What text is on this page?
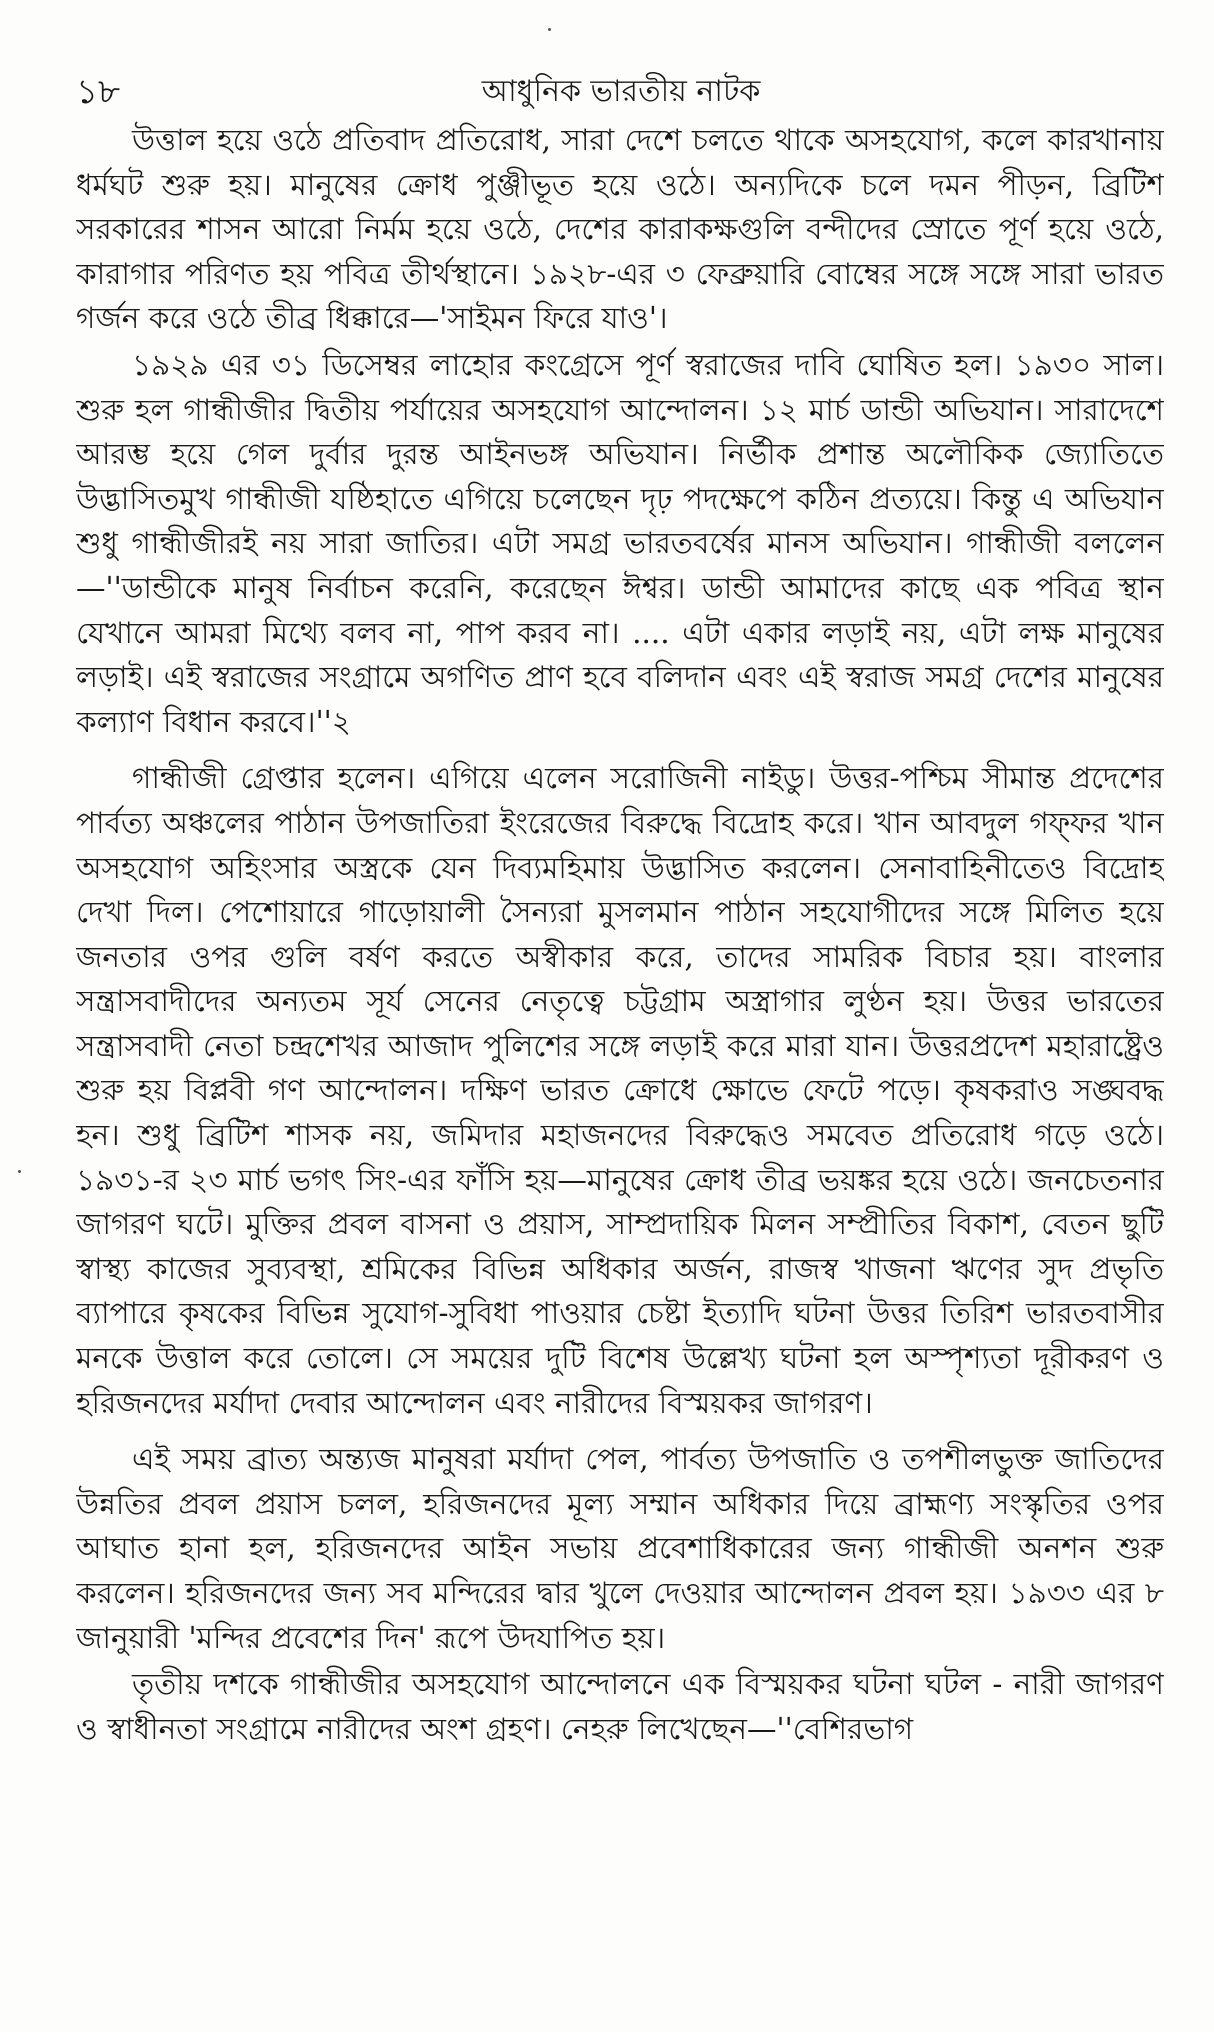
১৮	আধুনিক ভারতীয় নাটক

উত্তাল হয়ে ওঠে প্রতিবাদ প্রতিরোধ, সারা দেশে চলতে থাকে অসহযোগ, কলে কারখানায় ধর্মঘট শুরু হয়। মানুষের ক্রোধ পুঞ্জীভূত হয়ে ওঠে। অন্যদিকে চলে দমন পীড়ন, ব্রিটিশ সরকারের শাসন আরো নির্মম হয়ে ওঠে, দেশের কারাকক্ষগুলি বন্দীদের স্রোতে পূর্ণ হয়ে ওঠে, কারাগার পরিণত হয় পবিত্র তীর্থস্থানে। ১৯২৮-এর ৩ ফেব্রুয়ারি বোম্বের সঙ্গে সঙ্গে সারা ভারত গর্জন করে ওঠে তীব্র ধিক্কারে—'সাইমন ফিরে যাও'।

১৯২৯ এর ৩১ ডিসেম্বর লাহোর কংগ্রেসে পূর্ণ স্বরাজের দাবি ঘোষিত হল। ১৯৩০ সাল। শুরু হল গান্ধীজীর দ্বিতীয় পর্যায়ের অসহযোগ আন্দোলন। ১২ মার্চ ডান্ডী অভিযান। সারাদেশে আরম্ভ হয়ে গেল দুর্বার দুরন্ত আইনভঙ্গ অভিযান। নির্ভীক প্রশান্ত অলৌকিক জ্যোতিতে উদ্ভাসিতমুখ গান্ধীজী যষ্ঠিহাতে এগিয়ে চলেছেন দৃঢ় পদক্ষেপে কঠিন প্রত্যয়ে। কিন্তু এ অভিযান শুধু গান্ধীজীরই নয় সারা জাতির। এটা সমগ্র ভারতবর্ষের মানস অভিযান। গান্ধীজী বললেন—''ডান্ডীকে মানুষ নির্বাচন করেনি, করেছেন ঈশ্বর। ডান্ডী আমাদের কাছে এক পবিত্র স্থান যেখানে আমরা মিথ্যে বলব না, পাপ করব না। .... এটা একার লড়াই নয়, এটা লক্ষ মানুষের লড়াই। এই স্বরাজের সংগ্রামে অগণিত প্রাণ হবে বলিদান এবং এই স্বরাজ সমগ্র দেশের মানুষের কল্যাণ বিধান করবে।''২

গান্ধীজী গ্রেপ্তার হলেন। এগিয়ে এলেন সরোজিনী নাইডু। উত্তর-পশ্চিম সীমান্ত প্রদেশের পার্বত্য অঞ্চলের পাঠান উপজাতিরা ইংরেজের বিরুদ্ধে বিদ্রোহ করে। খান আবদুল গফ্ফর খান অসহযোগ অহিংসার অস্ত্রকে যেন দিব্যমহিমায় উদ্ভাসিত করলেন। সেনাবাহিনীতেও বিদ্রোহ দেখা দিল। পেশোয়ারে গাড়োয়ালী সৈন্যরা মুসলমান পাঠান সহযোগীদের সঙ্গে মিলিত হয়ে জনতার ওপর গুলি বর্ষণ করতে অস্বীকার করে, তাদের সামরিক বিচার হয়। বাংলার সন্ত্রাসবাদীদের অন্যতম সূর্য সেনের নেতৃত্বে চট্টগ্রাম অস্ত্রাগার লুণ্ঠন হয়। উত্তর ভারতের সন্ত্রাসবাদী নেতা চন্দ্রশেখর আজাদ পুলিশের সঙ্গে লড়াই করে মারা যান। উত্তরপ্রদেশ মহারাষ্ট্রেও শুরু হয় বিপ্লবী গণ আন্দোলন। দক্ষিণ ভারত ক্রোধে ক্ষোভে ফেটে পড়ে। কৃষকরাও সঙ্ঘবদ্ধ হন। শুধু ব্রিটিশ শাসক নয়, জমিদার মহাজনদের বিরুদ্ধেও সমবেত প্রতিরোধ গড়ে ওঠে। ১৯৩১-র ২৩ মার্চ ভগৎ সিং-এর ফাঁসি হয়—মানুষের ক্রোধ তীব্র ভয়ঙ্কর হয়ে ওঠে। জনচেতনার জাগরণ ঘটে। মুক্তির প্রবল বাসনা ও প্রয়াস, সাম্প্রদায়িক মিলন সম্প্রীতির বিকাশ, বেতন ছুটি স্বাস্থ্য কাজের সুব্যবস্থা, শ্রমিকের বিভিন্ন অধিকার অর্জন, রাজস্ব খাজনা ঋণের সুদ প্রভৃতি ব্যাপারে কৃষকের বিভিন্ন সুযোগ-সুবিধা পাওয়ার চেষ্টা ইত্যাদি ঘটনা উত্তর তিরিশ ভারতবাসীর মনকে উত্তাল করে তোলে। সে সময়ের দুটি বিশেষ উল্লেখ্য ঘটনা হল অস্পৃশ্যতা দূরীকরণ ও হরিজনদের মর্যাদা দেবার আন্দোলন এবং নারীদের বিস্ময়কর জাগরণ।

এই সময় ব্রাত্য অন্ত্যজ মানুষরা মর্যাদা পেল, পার্বত্য উপজাতি ও তপশীলভুক্ত জাতিদের উন্নতির প্রবল প্রয়াস চলল, হরিজনদের মূল্য সম্মান অধিকার দিয়ে ব্রাহ্মণ্য সংস্কৃতির ওপর আঘাত হানা হল, হরিজনদের আইন সভায় প্রবেশাধিকারের জন্য গান্ধীজী অনশন শুরু করলেন। হরিজনদের জন্য সব মন্দিরের দ্বার খুলে দেওয়ার আন্দোলন প্রবল হয়। ১৯৩৩ এর ৮ জানুয়ারী 'মন্দির প্রবেশের দিন' রূপে উদযাপিত হয়।

তৃতীয় দশকে গান্ধীজীর অসহযোগ আন্দোলনে এক বিস্ময়কর ঘটনা ঘটল - নারী জাগরণ ও স্বাধীনতা সংগ্রামে নারীদের অংশ গ্রহণ। নেহরু লিখেছেন—''বেশিরভাগ
